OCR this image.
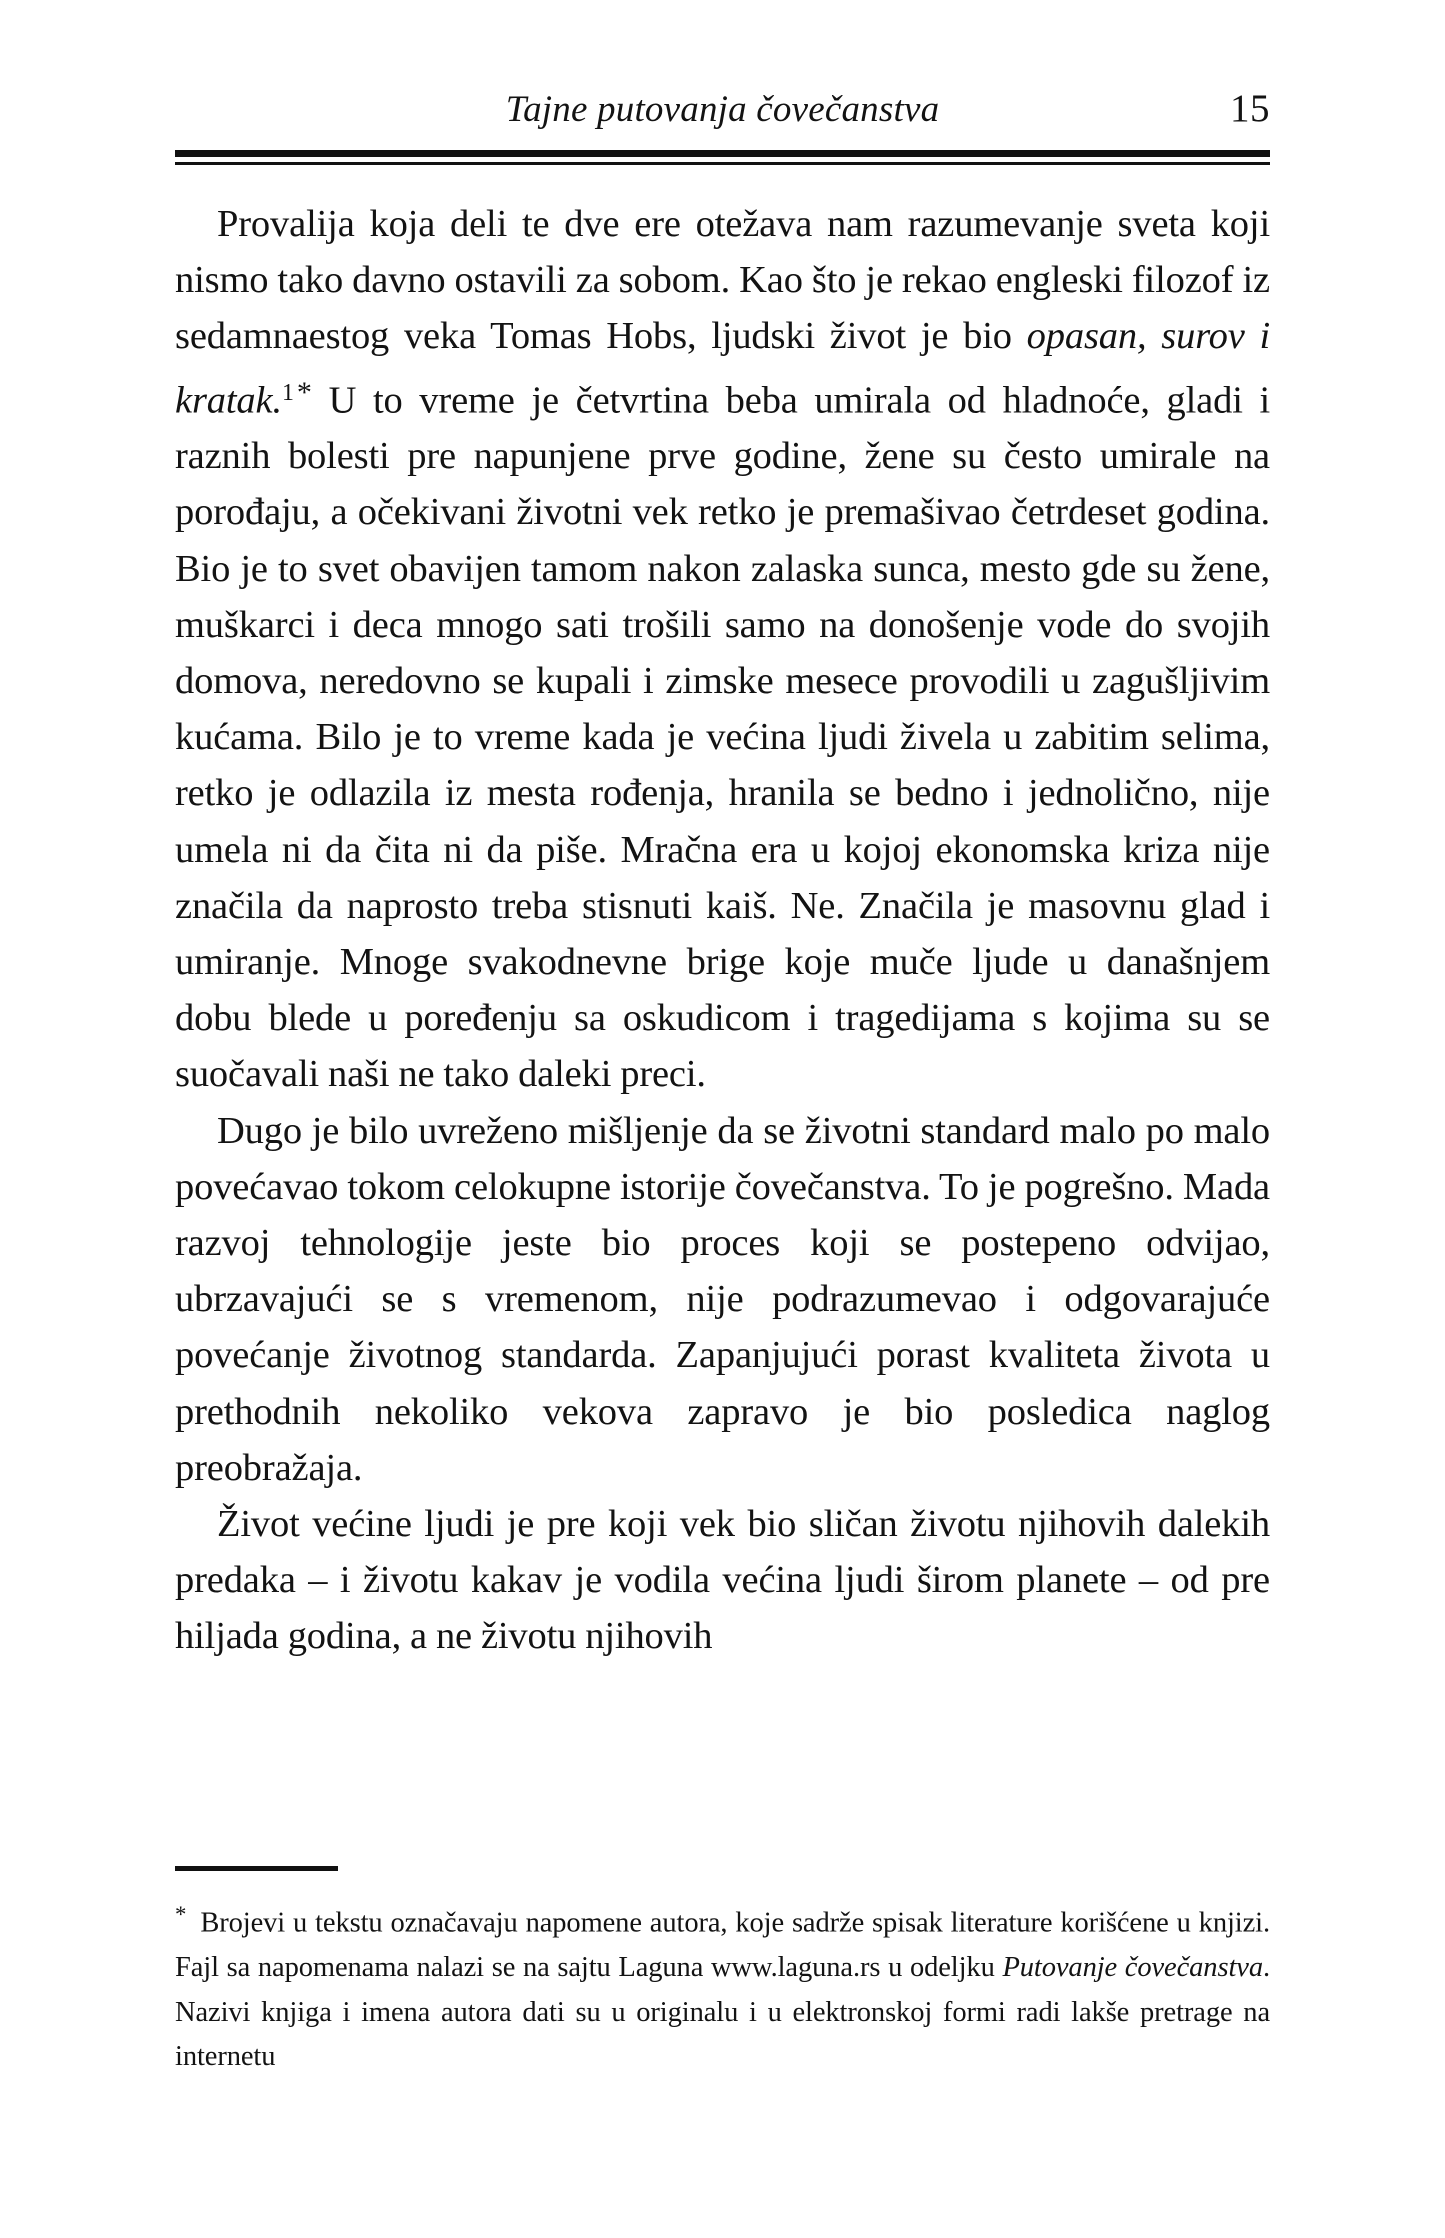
Tajne putovanja čovečanstva	15

Provalija koja deli te dve ere otežava nam razumevanje sveta koji nismo tako davno ostavili za sobom. Kao što je rekao engleski filozof iz sedamnaestog veka Tomas Hobs, ljudski život je bio opasan, surov i kratak.$^{1*}$ U to vreme je četvrtina beba umirala od hladnoće, gladi i raznih bolesti pre napunjene prve godine, žene su često umirale na porođaju, a očekivani životni vek retko je premašivao četrdeset godina. Bio je to svet obavijen tamom nakon zalaska sunca, mesto gde su žene, muškarci i deca mnogo sati trošili samo na donošenje vode do svojih domova, neredovno se kupali i zimske mesece provodili u zagušljivim kućama. Bilo je to vreme kada je većina ljudi živela u zabitim selima, retko je odlazila iz mesta rođenja, hranila se bedno i jednolično, nije umela ni da čita ni da piše. Mračna era u kojoj ekonomska kriza nije značila da naprosto treba stisnuti kaiš. Ne. Značila je masovnu glad i umiranje. Mnoge svakodnevne brige koje muče ljude u današnjem dobu blede u poređenju sa oskudicom i tragedijama s kojima su se suočavali naši ne tako daleki preci.

Dugo je bilo uvreženo mišljenje da se životni standard malo po malo povećavao tokom celokupne istorije čovečanstva. To je pogrešno. Mada razvoj tehnologije jeste bio proces koji se postepeno odvijao, ubrzavajući se s vremenom, nije podrazumevao i odgovarajuće povećanje životnog standarda. Zapanjujući porast kvaliteta života u prethodnih nekoliko vekova zapravo je bio posledica naglog preobražaja.

Život većine ljudi je pre koji vek bio sličan životu njihovih dalekih predaka – i životu kakav je vodila većina ljudi širom planete – od pre hiljada godina, a ne životu njihovih

* Brojevi u tekstu označavaju napomene autora, koje sadrže spisak literature korišćene u knjizi. Fajl sa napomenama nalazi se na sajtu Laguna www.laguna.rs u odeljku Putovanje čovečanstva. Nazivi knjiga i imena autora dati su u originalu i u elektronskoj formi radi lakše pretrage na internetu
